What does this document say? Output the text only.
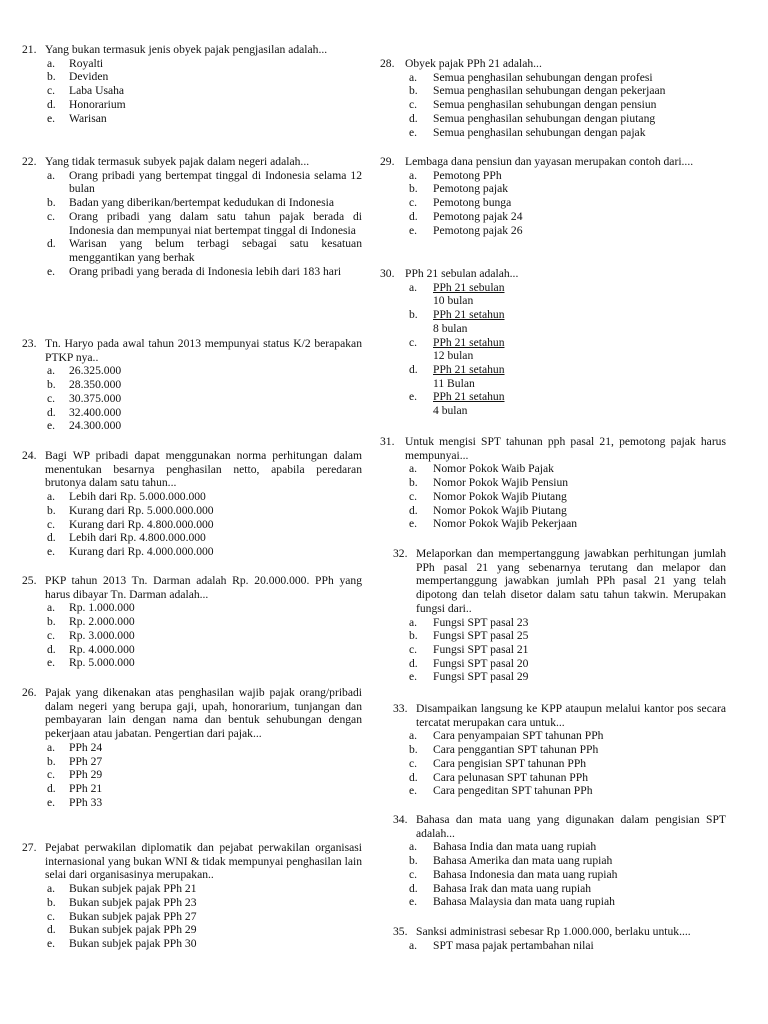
21. Yang bukan termasuk jenis obyek pajak pengjasilan adalah...
a. Royalti
b. Deviden
c. Laba Usaha
d. Honorarium
e. Warisan
22. Yang tidak termasuk subyek pajak dalam negeri adalah...
a. Orang pribadi yang bertempat tinggal di Indonesia selama 12 bulan
b. Badan yang diberikan/bertempat kedudukan di Indonesia
c. Orang pribadi yang dalam satu tahun pajak berada di Indonesia dan mempunyai niat bertempat tinggal di Indonesia
d. Warisan yang belum terbagi sebagai satu kesatuan menggantikan yang berhak
e. Orang pribadi yang berada di Indonesia lebih dari 183 hari
23. Tn. Haryo pada awal tahun 2013 mempunyai status K/2 berapakan PTKP nya..
a. 26.325.000
b. 28.350.000
c. 30.375.000
d. 32.400.000
e. 24.300.000
24. Bagi WP pribadi dapat menggunakan norma perhitungan dalam menentukan besarnya penghasilan netto, apabila peredaran brutonya dalam satu tahun...
a. Lebih dari Rp. 5.000.000.000
b. Kurang dari Rp. 5.000.000.000
c. Kurang dari Rp. 4.800.000.000
d. Lebih dari Rp. 4.800.000.000
e. Kurang dari Rp. 4.000.000.000
25. PKP tahun 2013 Tn. Darman adalah Rp. 20.000.000. PPh yang harus dibayar Tn. Darman adalah...
a. Rp. 1.000.000
b. Rp. 2.000.000
c. Rp. 3.000.000
d. Rp. 4.000.000
e. Rp. 5.000.000
26. Pajak yang dikenakan atas penghasilan wajib pajak orang/pribadi dalam negeri yang berupa gaji, upah, honorarium, tunjangan dan pembayaran lain dengan nama dan bentuk sehubungan dengan pekerjaan atau jabatan. Pengertian dari pajak...
a. PPh 24
b. PPh 27
c. PPh 29
d. PPh 21
e. PPh 33
27. Pejabat perwakilan diplomatik dan pejabat perwakilan organisasi internasional yang bukan WNI & tidak mempunyai penghasilan lain selai dari organisasinya merupakan..
a. Bukan subjek pajak PPh 21
b. Bukan subjek pajak PPh 23
c. Bukan subjek pajak PPh 27
d. Bukan subjek pajak PPh 29
e. Bukan subjek pajak PPh 30
28. Obyek pajak PPh 21 adalah...
a. Semua penghasilan sehubungan dengan profesi
b. Semua penghasilan sehubungan dengan pekerjaan
c. Semua penghasilan sehubungan dengan pensiun
d. Semua penghasilan sehubungan dengan piutang
e. Semua penghasilan sehubungan dengan pajak
29. Lembaga dana pensiun dan yayasan merupakan contoh dari....
a. Pemotong PPh
b. Pemotong pajak
c. Pemotong bunga
d. Pemotong pajak 24
e. Pemotong pajak 26
30. PPh 21 sebulan adalah...
a. PPh 21 sebulan
10 bulan
b. PPh 21 setahun
8 bulan
c. PPh 21 setahun
12 bulan
d. PPh 21 setahun
11 Bulan
e. PPh 21 setahun
4 bulan
31. Untuk mengisi SPT tahunan pph pasal 21, pemotong pajak harus mempunyai...
a. Nomor Pokok Waib Pajak
b. Nomor Pokok Wajib Pensiun
c. Nomor Pokok Wajib Piutang
d. Nomor Pokok Wajib Piutang
e. Nomor Pokok Wajib Pekerjaan
32. Melaporkan dan mempertanggung jawabkan perhitungan jumlah PPh pasal 21 yang sebenarnya terutang dan melapor dan mempertanggung jawabkan jumlah PPh pasal 21 yang telah dipotong dan telah disetor dalam satu tahun takwin. Merupakan fungsi dari..
a. Fungsi SPT pasal 23
b. Fungsi SPT pasal 25
c. Fungsi SPT pasal 21
d. Fungsi SPT pasal 20
e. Fungsi SPT pasal 29
33. Disampaikan langsung ke KPP ataupun melalui kantor pos secara tercatat merupakan cara untuk...
a. Cara penyampaian SPT tahunan PPh
b. Cara penggantian SPT tahunan PPh
c. Cara pengisian SPT tahunan PPh
d. Cara pelunasan SPT tahunan PPh
e. Cara pengeditan SPT tahunan PPh
34. Bahasa dan mata uang yang digunakan dalam pengisian SPT adalah...
a. Bahasa India dan mata uang rupiah
b. Bahasa Amerika dan mata uang rupiah
c. Bahasa Indonesia dan mata uang rupiah
d. Bahasa Irak dan mata uang rupiah
e. Bahasa Malaysia dan mata uang rupiah
35. Sanksi administrasi sebesar Rp 1.000.000, berlaku untuk....
a. SPT masa pajak pertambahan nilai
